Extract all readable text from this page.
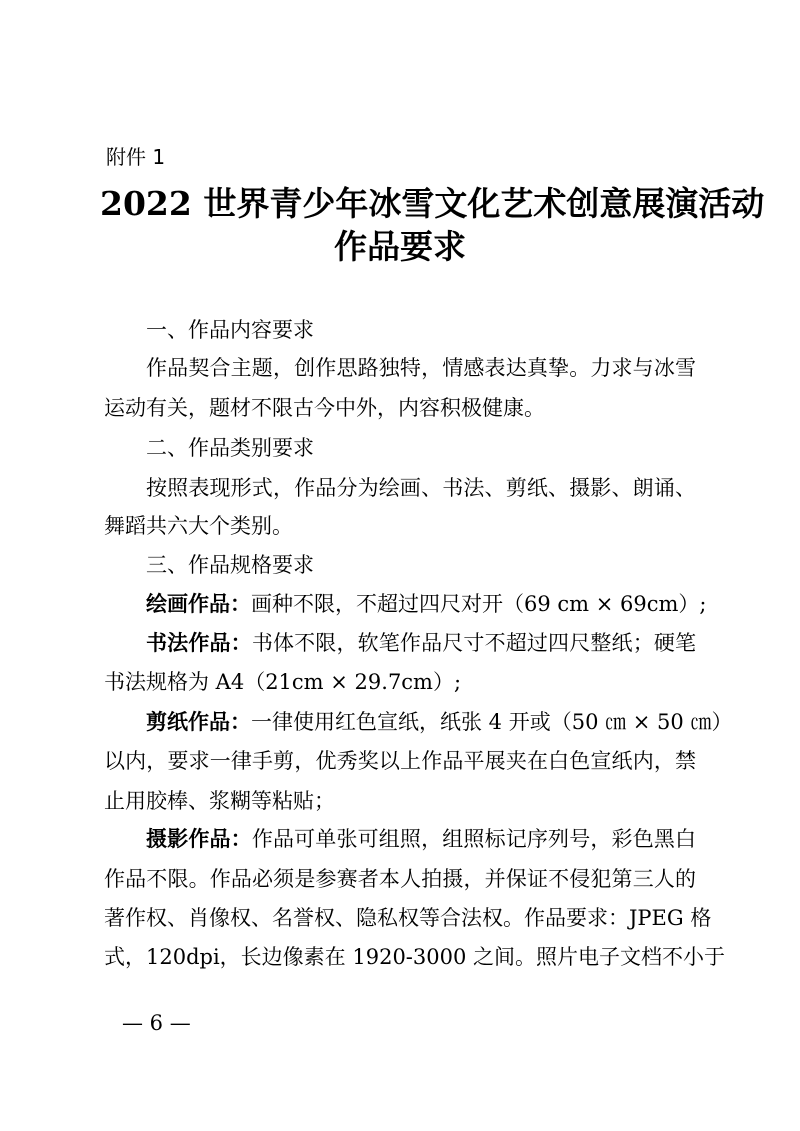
附件 1
2022 世界青少年冰雪文化艺术创意展演活动
作品要求
一、作品内容要求
作品契合主题，创作思路独特，情感表达真挚。力求与冰雪
运动有关，题材不限古今中外，内容积极健康。
二、作品类别要求
按照表现形式，作品分为绘画、书法、剪纸、摄影、朗诵、
舞蹈共六大个类别。
三、作品规格要求
绘画作品：画种不限，不超过四尺对开（69 cm × 69cm）;
书法作品：书体不限，软笔作品尺寸不超过四尺整纸；硬笔
书法规格为 A4（21cm × 29.7cm）;
剪纸作品：一律使用红色宣纸，纸张 4 开或（50 ㎝ × 50 ㎝）
以内，要求一律手剪，优秀奖以上作品平展夹在白色宣纸内，禁
止用胶棒、浆糊等粘贴；
摄影作品：作品可单张可组照，组照标记序列号，彩色黑白
作品不限。作品必须是参赛者本人拍摄，并保证不侵犯第三人的
著作权、肖像权、名誉权、隐私权等合法权。作品要求：JPEG 格
式，120dpi，长边像素在 1920-3000 之间。照片电子文档不小于
— 6 —
